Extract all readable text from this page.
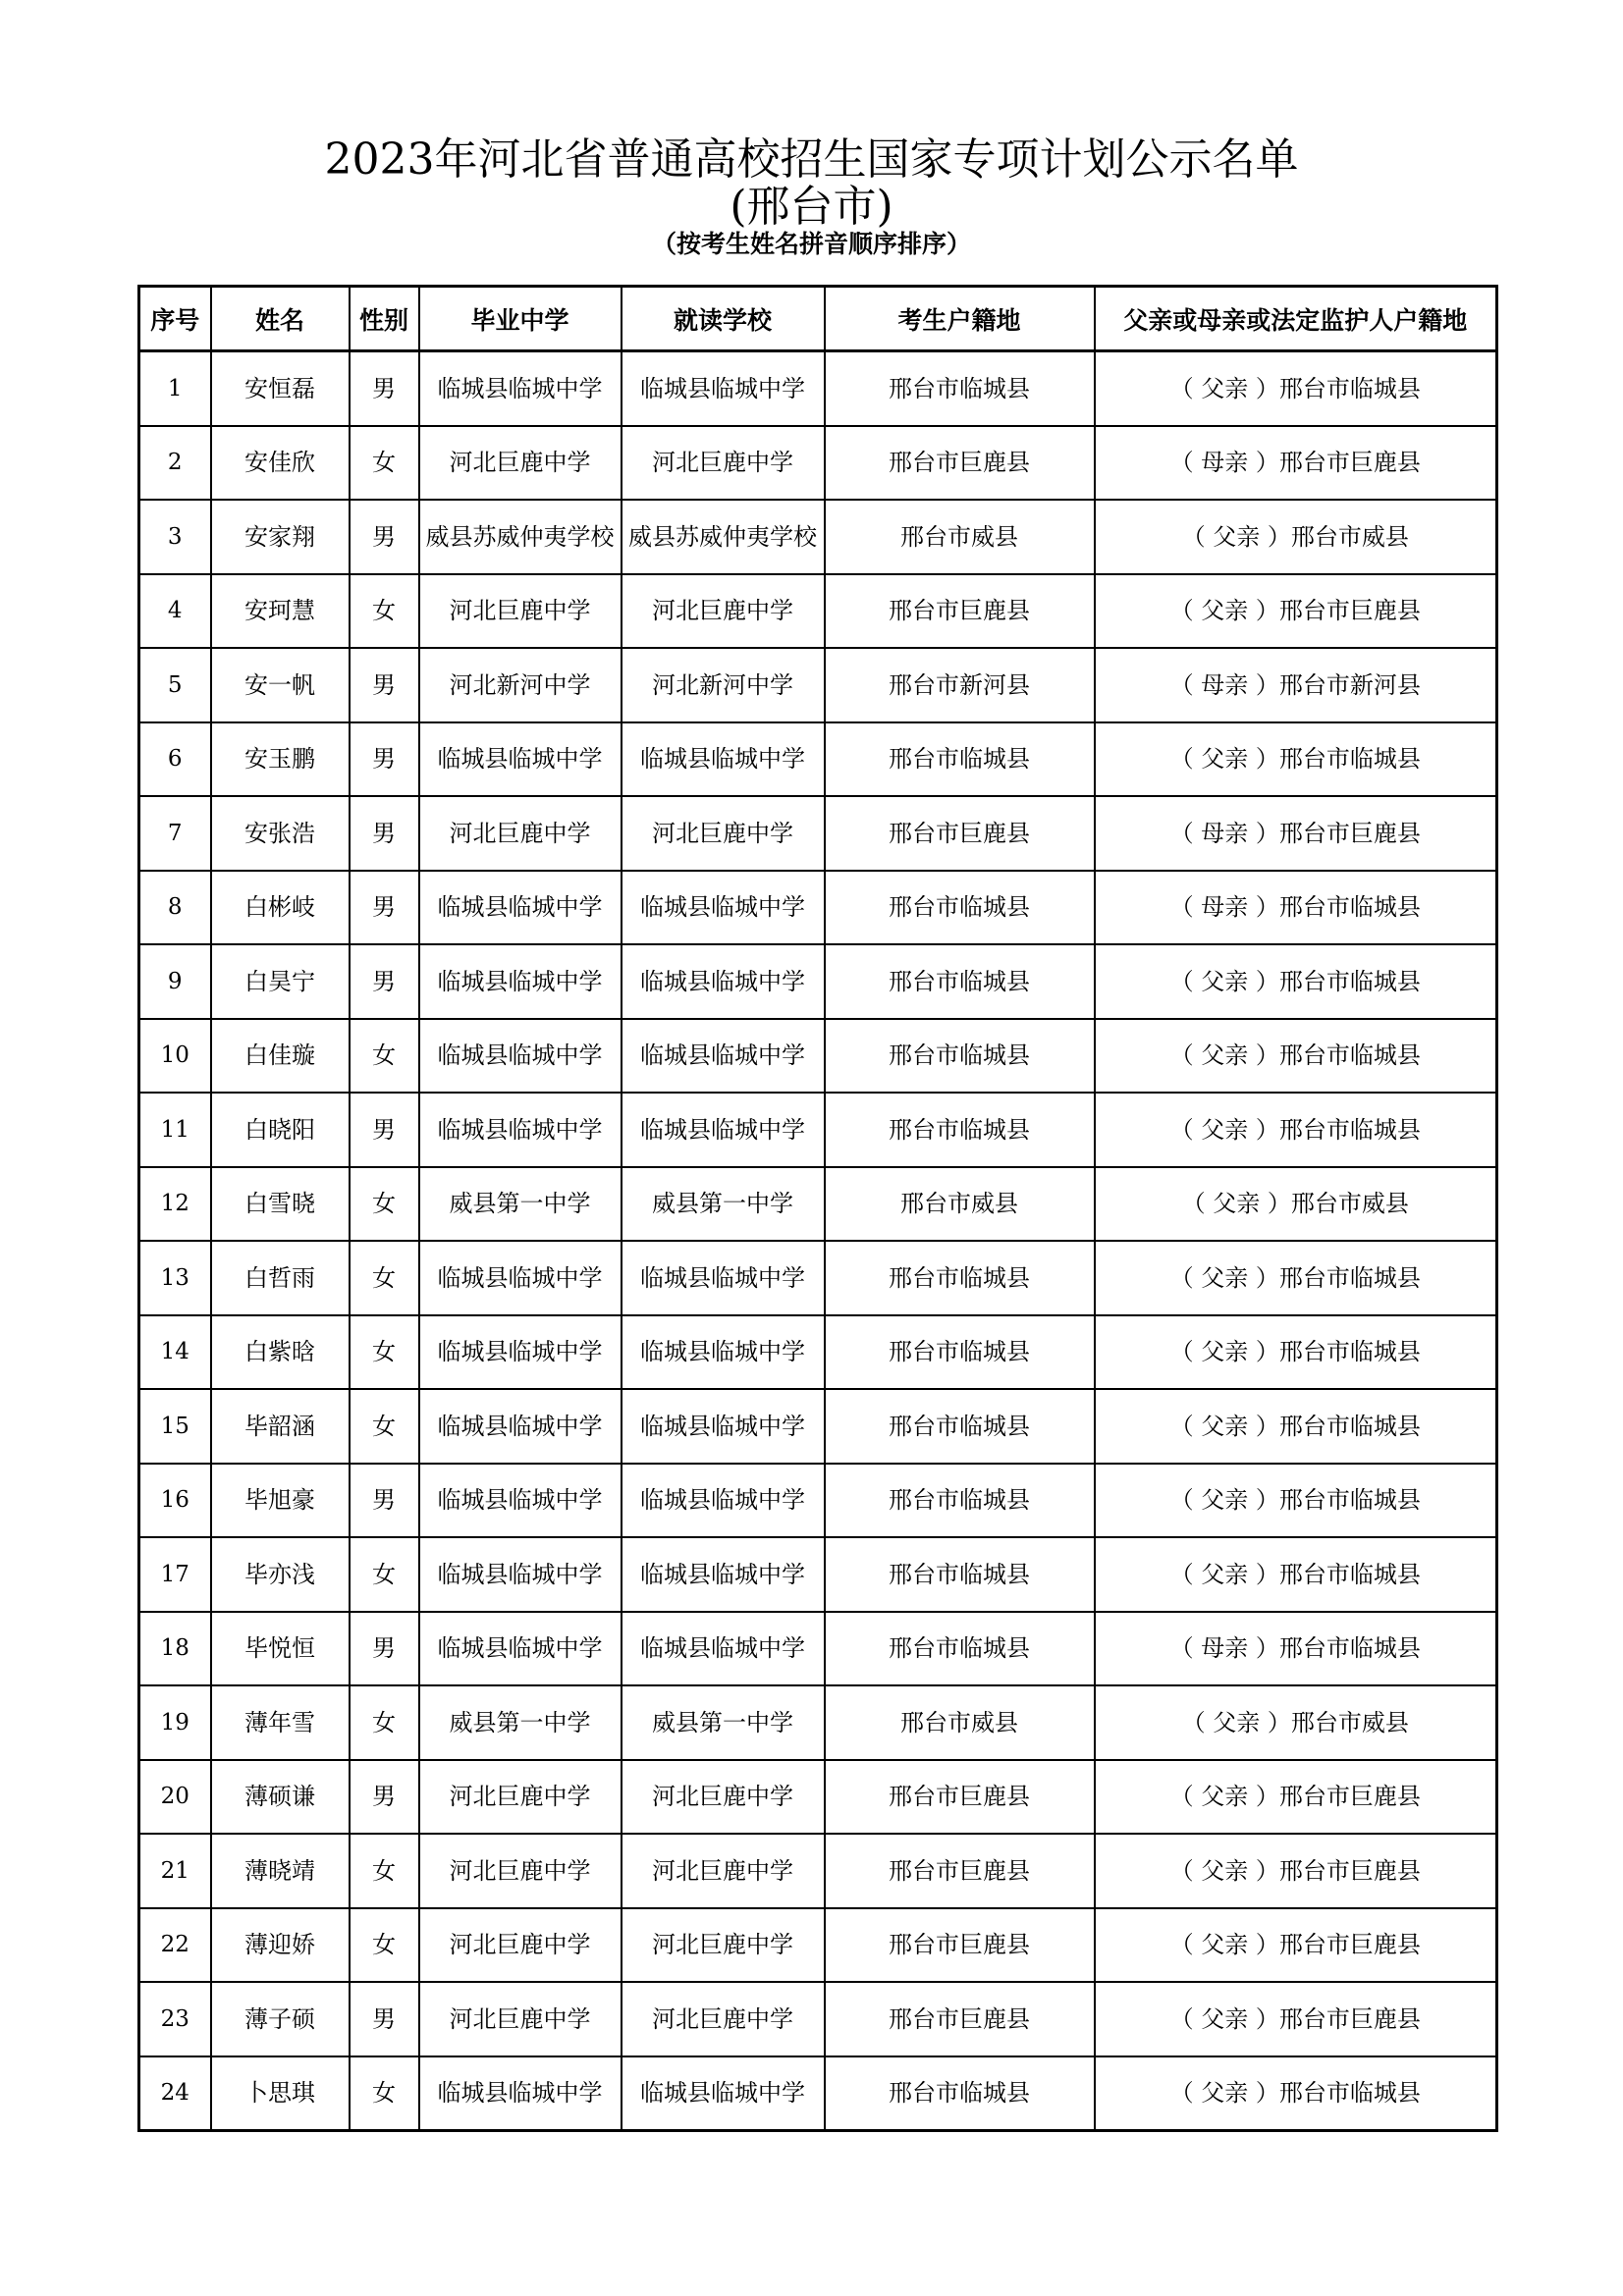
2023年河北省普通高校招生国家专项计划公示名单
(邢台市)
（按考生姓名拼音顺序排序）
序号	姓名	性别	毕业中学	就读学校	考生户籍地	父亲或母亲或法定监护人户籍地
1	安恒磊	男	临城县临城中学	临城县临城中学	邢台市临城县	（ 父亲 ）邢台市临城县
2	安佳欣	女	河北巨鹿中学	河北巨鹿中学	邢台市巨鹿县	（ 母亲 ）邢台市巨鹿县
3	安家翔	男	威县苏威仲夷学校	威县苏威仲夷学校	邢台市威县	（ 父亲 ）邢台市威县
4	安珂慧	女	河北巨鹿中学	河北巨鹿中学	邢台市巨鹿县	（ 父亲 ）邢台市巨鹿县
5	安一帆	男	河北新河中学	河北新河中学	邢台市新河县	（ 母亲 ）邢台市新河县
6	安玉鹏	男	临城县临城中学	临城县临城中学	邢台市临城县	（ 父亲 ）邢台市临城县
7	安张浩	男	河北巨鹿中学	河北巨鹿中学	邢台市巨鹿县	（ 母亲 ）邢台市巨鹿县
8	白彬岐	男	临城县临城中学	临城县临城中学	邢台市临城县	（ 母亲 ）邢台市临城县
9	白昊宁	男	临城县临城中学	临城县临城中学	邢台市临城县	（ 父亲 ）邢台市临城县
10	白佳璇	女	临城县临城中学	临城县临城中学	邢台市临城县	（ 父亲 ）邢台市临城县
11	白晓阳	男	临城县临城中学	临城县临城中学	邢台市临城县	（ 父亲 ）邢台市临城县
12	白雪晓	女	威县第一中学	威县第一中学	邢台市威县	（ 父亲 ）邢台市威县
13	白哲雨	女	临城县临城中学	临城县临城中学	邢台市临城县	（ 父亲 ）邢台市临城县
14	白紫晗	女	临城县临城中学	临城县临城中学	邢台市临城县	（ 父亲 ）邢台市临城县
15	毕韶涵	女	临城县临城中学	临城县临城中学	邢台市临城县	（ 父亲 ）邢台市临城县
16	毕旭豪	男	临城县临城中学	临城县临城中学	邢台市临城县	（ 父亲 ）邢台市临城县
17	毕亦浅	女	临城县临城中学	临城县临城中学	邢台市临城县	（ 父亲 ）邢台市临城县
18	毕悦恒	男	临城县临城中学	临城县临城中学	邢台市临城县	（ 母亲 ）邢台市临城县
19	薄年雪	女	威县第一中学	威县第一中学	邢台市威县	（ 父亲 ）邢台市威县
20	薄硕谦	男	河北巨鹿中学	河北巨鹿中学	邢台市巨鹿县	（ 父亲 ）邢台市巨鹿县
21	薄晓靖	女	河北巨鹿中学	河北巨鹿中学	邢台市巨鹿县	（ 父亲 ）邢台市巨鹿县
22	薄迎娇	女	河北巨鹿中学	河北巨鹿中学	邢台市巨鹿县	（ 父亲 ）邢台市巨鹿县
23	薄子硕	男	河北巨鹿中学	河北巨鹿中学	邢台市巨鹿县	（ 父亲 ）邢台市巨鹿县
24	卜思琪	女	临城县临城中学	临城县临城中学	邢台市临城县	（ 父亲 ）邢台市临城县
